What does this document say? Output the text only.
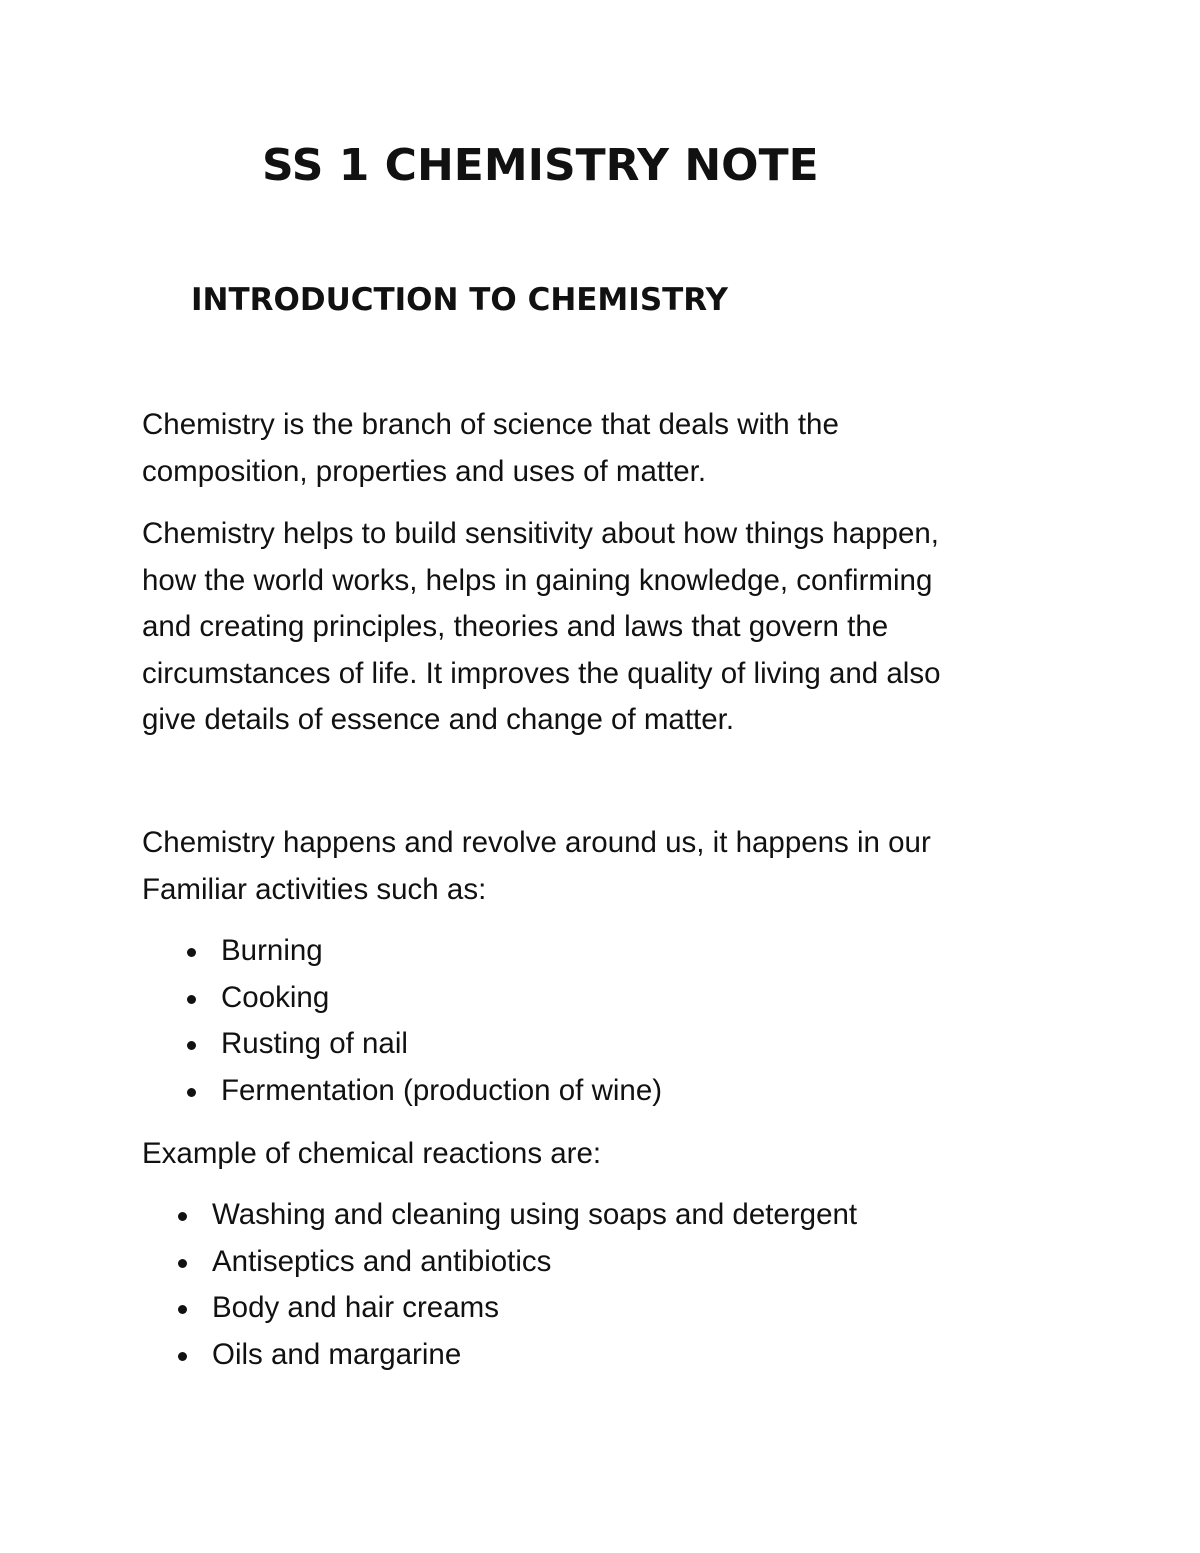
SS 1 CHEMISTRY NOTE
INTRODUCTION TO CHEMISTRY

Chemistry is the branch of science that deals with the
composition, properties and uses of matter.

Chemistry helps to build sensitivity about how things happen,
how the world works, helps in gaining knowledge, confirming
and creating principles, theories and laws that govern the
circumstances of life. It improves the quality of living and also
give details of essence and change of matter.

Chemistry happens and revolve around us, it happens in our
Familiar activities such as:

Burning
Cooking
Rusting of nail
Fermentation (production of wine)

Example of chemical reactions are:

Washing and cleaning using soaps and detergent
Antiseptics and antibiotics
Body and hair creams
Oils and margarine
